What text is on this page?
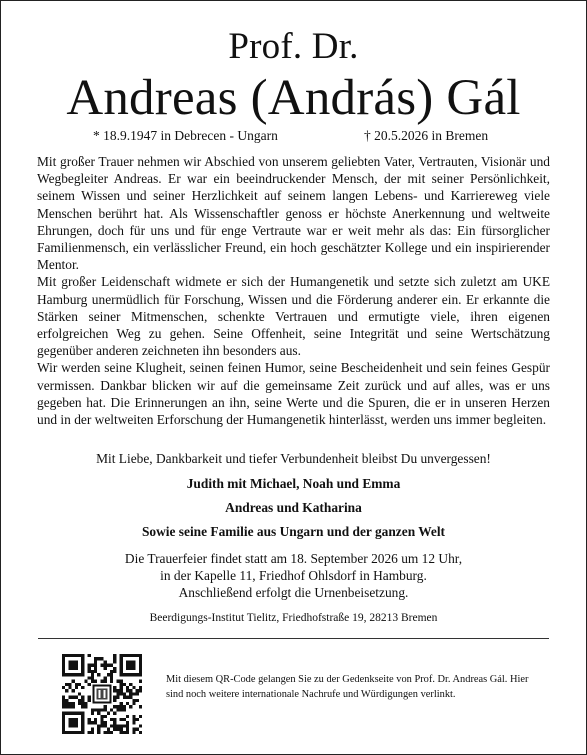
Prof. Dr.
Andreas (András) Gál
* 18.9.1947 in Debrecen - Ungarn	† 20.5.2026 in Bremen

Mit großer Trauer nehmen wir Abschied von unserem geliebten Vater, Vertrauten, Visionär und Wegbegleiter Andreas. Er war ein beeindruckender Mensch, der mit seiner Persönlichkeit, seinem Wissen und seiner Herzlichkeit auf seinem langen Lebens- und Karriereweg viele Menschen berührt hat. Als Wissenschaftler genoss er höchste Anerkennung und weltweite Ehrungen, doch für uns und für enge Vertraute war er weit mehr als das: Ein fürsorglicher Familienmensch, ein verlässlicher Freund, ein hoch geschätzter Kollege und ein inspirierender Mentor.

Mit großer Leidenschaft widmete er sich der Humangenetik und setzte sich zuletzt am UKE Hamburg unermüdlich für Forschung, Wissen und die Förderung anderer ein. Er erkannte die Stärken seiner Mitmenschen, schenkte Vertrauen und ermutigte viele, ihren eigenen erfolgreichen Weg zu gehen. Seine Offenheit, seine Integrität und seine Wertschätzung gegenüber anderen zeichneten ihn besonders aus.

Wir werden seine Klugheit, seinen feinen Humor, seine Bescheidenheit und sein feines Gespür vermissen. Dankbar blicken wir auf die gemeinsame Zeit zurück und auf alles, was er uns gegeben hat. Die Erinnerungen an ihn, seine Werte und die Spuren, die er in unseren Herzen und in der weltweiten Erforschung der Humangenetik hinterlässt, werden uns immer begleiten.

Mit Liebe, Dankbarkeit und tiefer Verbundenheit bleibst Du unvergessen!
Judith mit Michael, Noah und Emma
Andreas und Katharina
Sowie seine Familie aus Ungarn und der ganzen Welt
Die Trauerfeier findet statt am 18. September 2026 um 12 Uhr,
in der Kapelle 11, Friedhof Ohlsdorf in Hamburg.
Anschließend erfolgt die Urnenbeisetzung.
Beerdigungs-Institut Tielitz, Friedhofstraße 19, 28213 Bremen
Mit diesem QR-Code gelangen Sie zu der Gedenkseite von Prof. Dr. Andreas Gál. Hier sind noch weitere internationale Nachrufe und Würdigungen verlinkt.
